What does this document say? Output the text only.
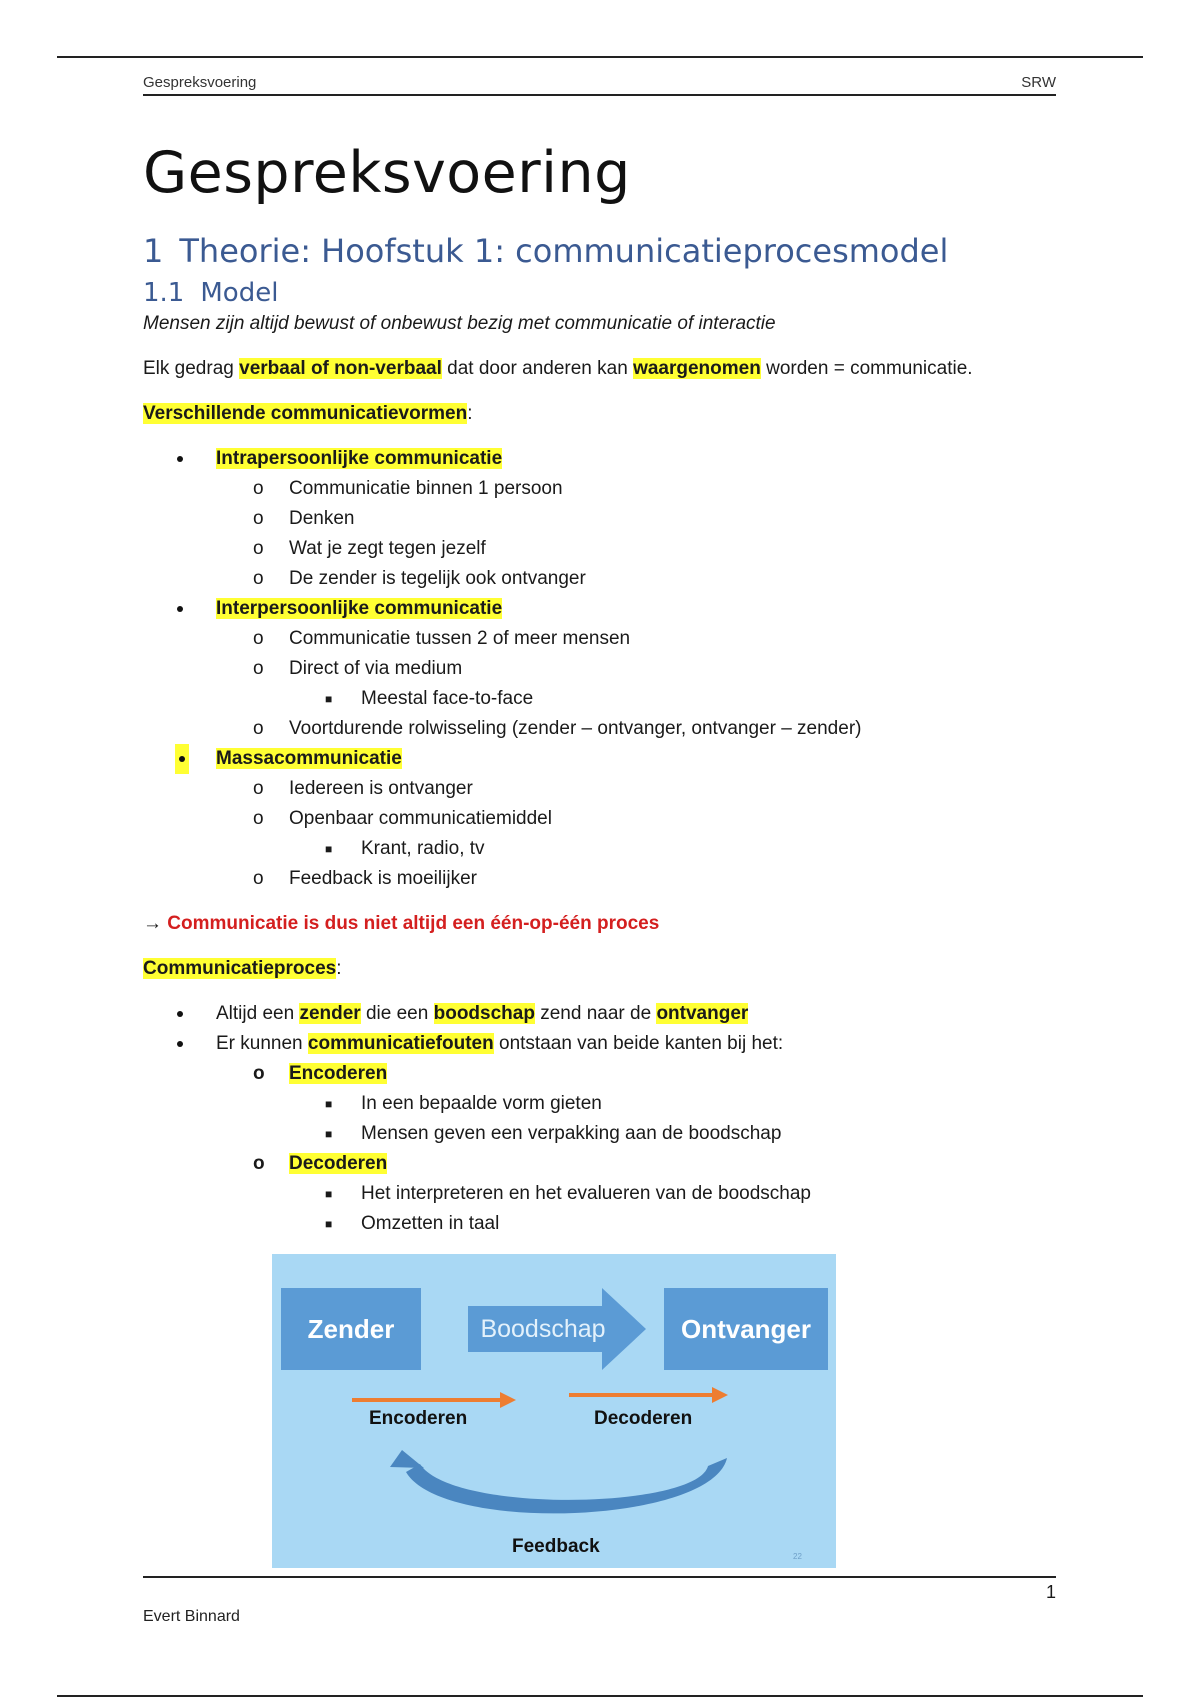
Gespreksvoering	SRW
Gespreksvoering
1 Theorie: Hoofstuk 1: communicatieprocesmodel
1.1 Model

Mensen zijn altijd bewust of onbewust bezig met communicatie of interactie

Elk gedrag verbaal of non-verbaal dat door anderen kan waargenomen worden = communicatie.

Verschillende communicatievormen:

Intrapersoonlijke communicatie
o Communicatie binnen 1 persoon
o Denken
o Wat je zegt tegen jezelf
o De zender is tegelijk ook ontvanger
Interpersoonlijke communicatie
o Communicatie tussen 2 of meer mensen
o Direct of via medium
■ Meestal face-to-face
o Voortdurende rolwisseling (zender – ontvanger, ontvanger – zender)
Massacommunicatie
o Iedereen is ontvanger
o Openbaar communicatiemiddel
■ Krant, radio, tv
o Feedback is moeilijker

→ Communicatie is dus niet altijd een één-op-één proces

Communicatieproces:

Altijd een zender die een boodschap zend naar de ontvanger
Er kunnen communicatiefouten ontstaan van beide kanten bij het:
o Encoderen
■ In een bepaalde vorm gieten
■ Mensen geven een verpakking aan de boodschap
o Decoderen
■ Het interpreteren en het evalueren van de boodschap
■ Omzetten in taal
1
Evert Binnard
Zender	Boodschap	Ontvanger
Encoderen	Decoderen
Feedback	22
